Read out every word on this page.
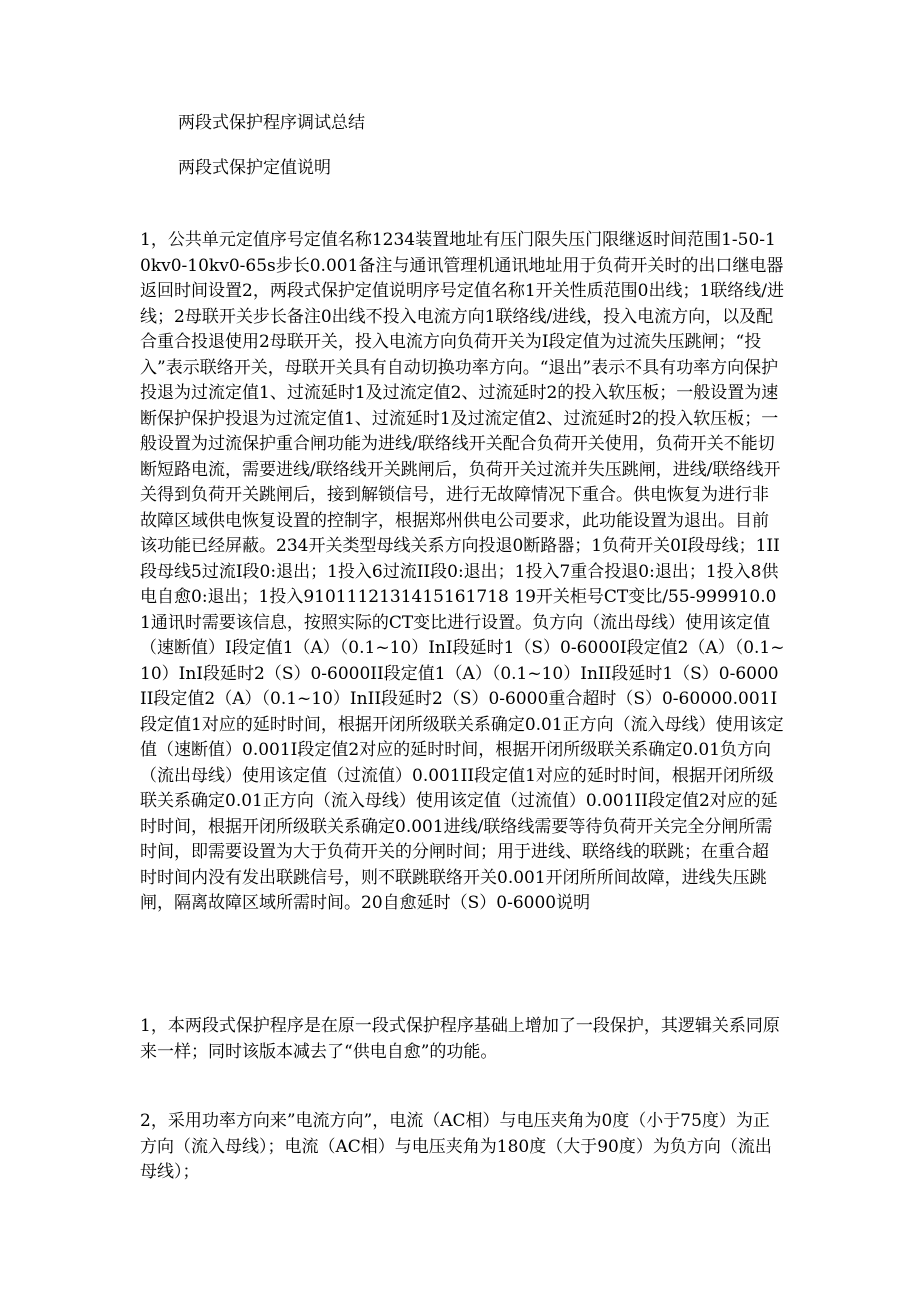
两段式保护程序调试总结
两段式保护定值说明
1，公共单元定值序号定值名称1234装置地址有压门限失压门限继返时间范围1-50-10kv0-10kv0-65s步长0.001备注与通讯管理机通讯地址用于负荷开关时的出口继电器返回时间设置2，两段式保护定值说明序号定值名称1开关性质范围0出线；1联络线/进线；2母联开关步长备注0出线不投入电流方向1联络线/进线，投入电流方向，以及配合重合投退使用2母联开关，投入电流方向负荷开关为I段定值为过流失压跳闸；“投入”表示联络开关，母联开关具有自动切换功率方向。“退出”表示不具有功率方向保护投退为过流定值1、过流延时1及过流定值2、过流延时2的投入软压板；一般设置为速断保护保护投退为过流定值1、过流延时1及过流定值2、过流延时2的投入软压板；一般设置为过流保护重合闸功能为进线/联络线开关配合负荷开关使用，负荷开关不能切断短路电流，需要进线/联络线开关跳闸后，负荷开关过流并失压跳闸，进线/联络线开关得到负荷开关跳闸后，接到解锁信号，进行无故障情况下重合。供电恢复为进行非故障区域供电恢复设置的控制字，根据郑州供电公司要求，此功能设置为退出。目前该功能已经屏蔽。234开关类型母线关系方向投退0断路器；1负荷开关0I段母线；1II段母线5过流I段0:退出；1投入6过流II段0:退出；1投入7重合投退0:退出；1投入8供电自愈0:退出；1投入9101112131415161718 19开关柜号CT变比/55-999910.01通讯时需要该信息，按照实际的CT变比进行设置。负方向（流出母线）使用该定值（速断值）I段定值1（A）（0.1~10）InI段延时1（S）0-6000I段定值2（A）（0.1~10）InI段延时2（S）0-6000II段定值1（A）（0.1~10）InII段延时1（S）0-6000II段定值2（A）（0.1~10）InII段延时2（S）0-6000重合超时（S）0-60000.001I段定值1对应的延时时间，根据开闭所级联关系确定0.01正方向（流入母线）使用该定值（速断值）0.001I段定值2对应的延时时间，根据开闭所级联关系确定0.01负方向（流出母线）使用该定值（过流值）0.001II段定值1对应的延时时间，根据开闭所级联关系确定0.01正方向（流入母线）使用该定值（过流值）0.001II段定值2对应的延时时间，根据开闭所级联关系确定0.001进线/联络线需要等待负荷开关完全分闸所需时间，即需要设置为大于负荷开关的分闸时间；用于进线、联络线的联跳；在重合超时时间内没有发出联跳信号，则不联跳联络开关0.001开闭所所间故障，进线失压跳闸，隔离故障区域所需时间。20自愈延时（S）0-6000说明
1，本两段式保护程序是在原一段式保护程序基础上增加了一段保护，其逻辑关系同原来一样；同时该版本减去了“供电自愈”的功能。
2，采用功率方向来”电流方向”，电流（AC相）与电压夹角为0度（小于75度）为正方向（流入母线）；电流（AC相）与电压夹角为180度（大于90度）为负方向（流出母线）；
